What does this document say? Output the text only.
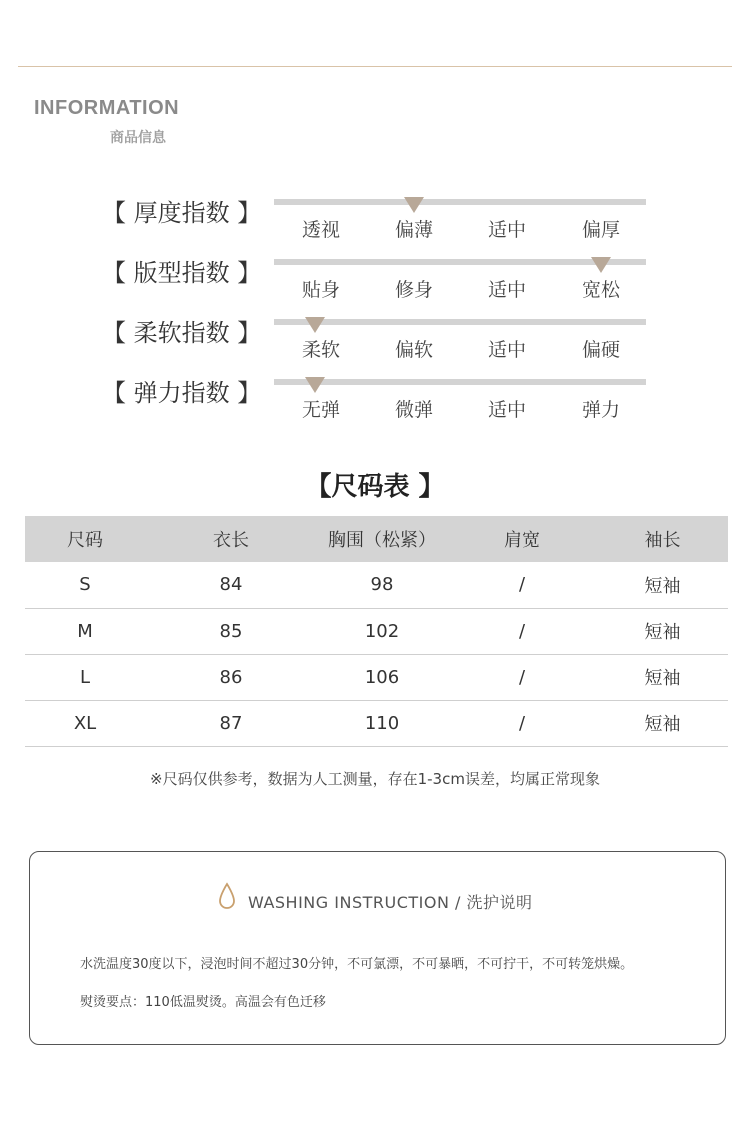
INFORMATION
商品信息
【 厚度指数 】
透视	偏薄	适中	偏厚
【 版型指数 】
贴身	修身	适中	宽松
【 柔软指数 】
柔软	偏软	适中	偏硬
【 弹力指数 】
无弹	微弹	适中	弹力
【尺码表 】
尺码	衣长	胸围（松紧）	肩宽	袖长
S	84	98	/	短袖
M	85	102	/	短袖
L	86	106	/	短袖
XL	87	110	/	短袖
※尺码仅供参考，数据为人工测量，存在1-3cm误差，均属正常现象
WASHING INSTRUCTION / 洗护说明
水洗温度30度以下，浸泡时间不超过30分钟，不可氯漂，不可暴晒，不可拧干，不可转笼烘燥。
熨烫要点：110低温熨烫。高温会有色迁移
